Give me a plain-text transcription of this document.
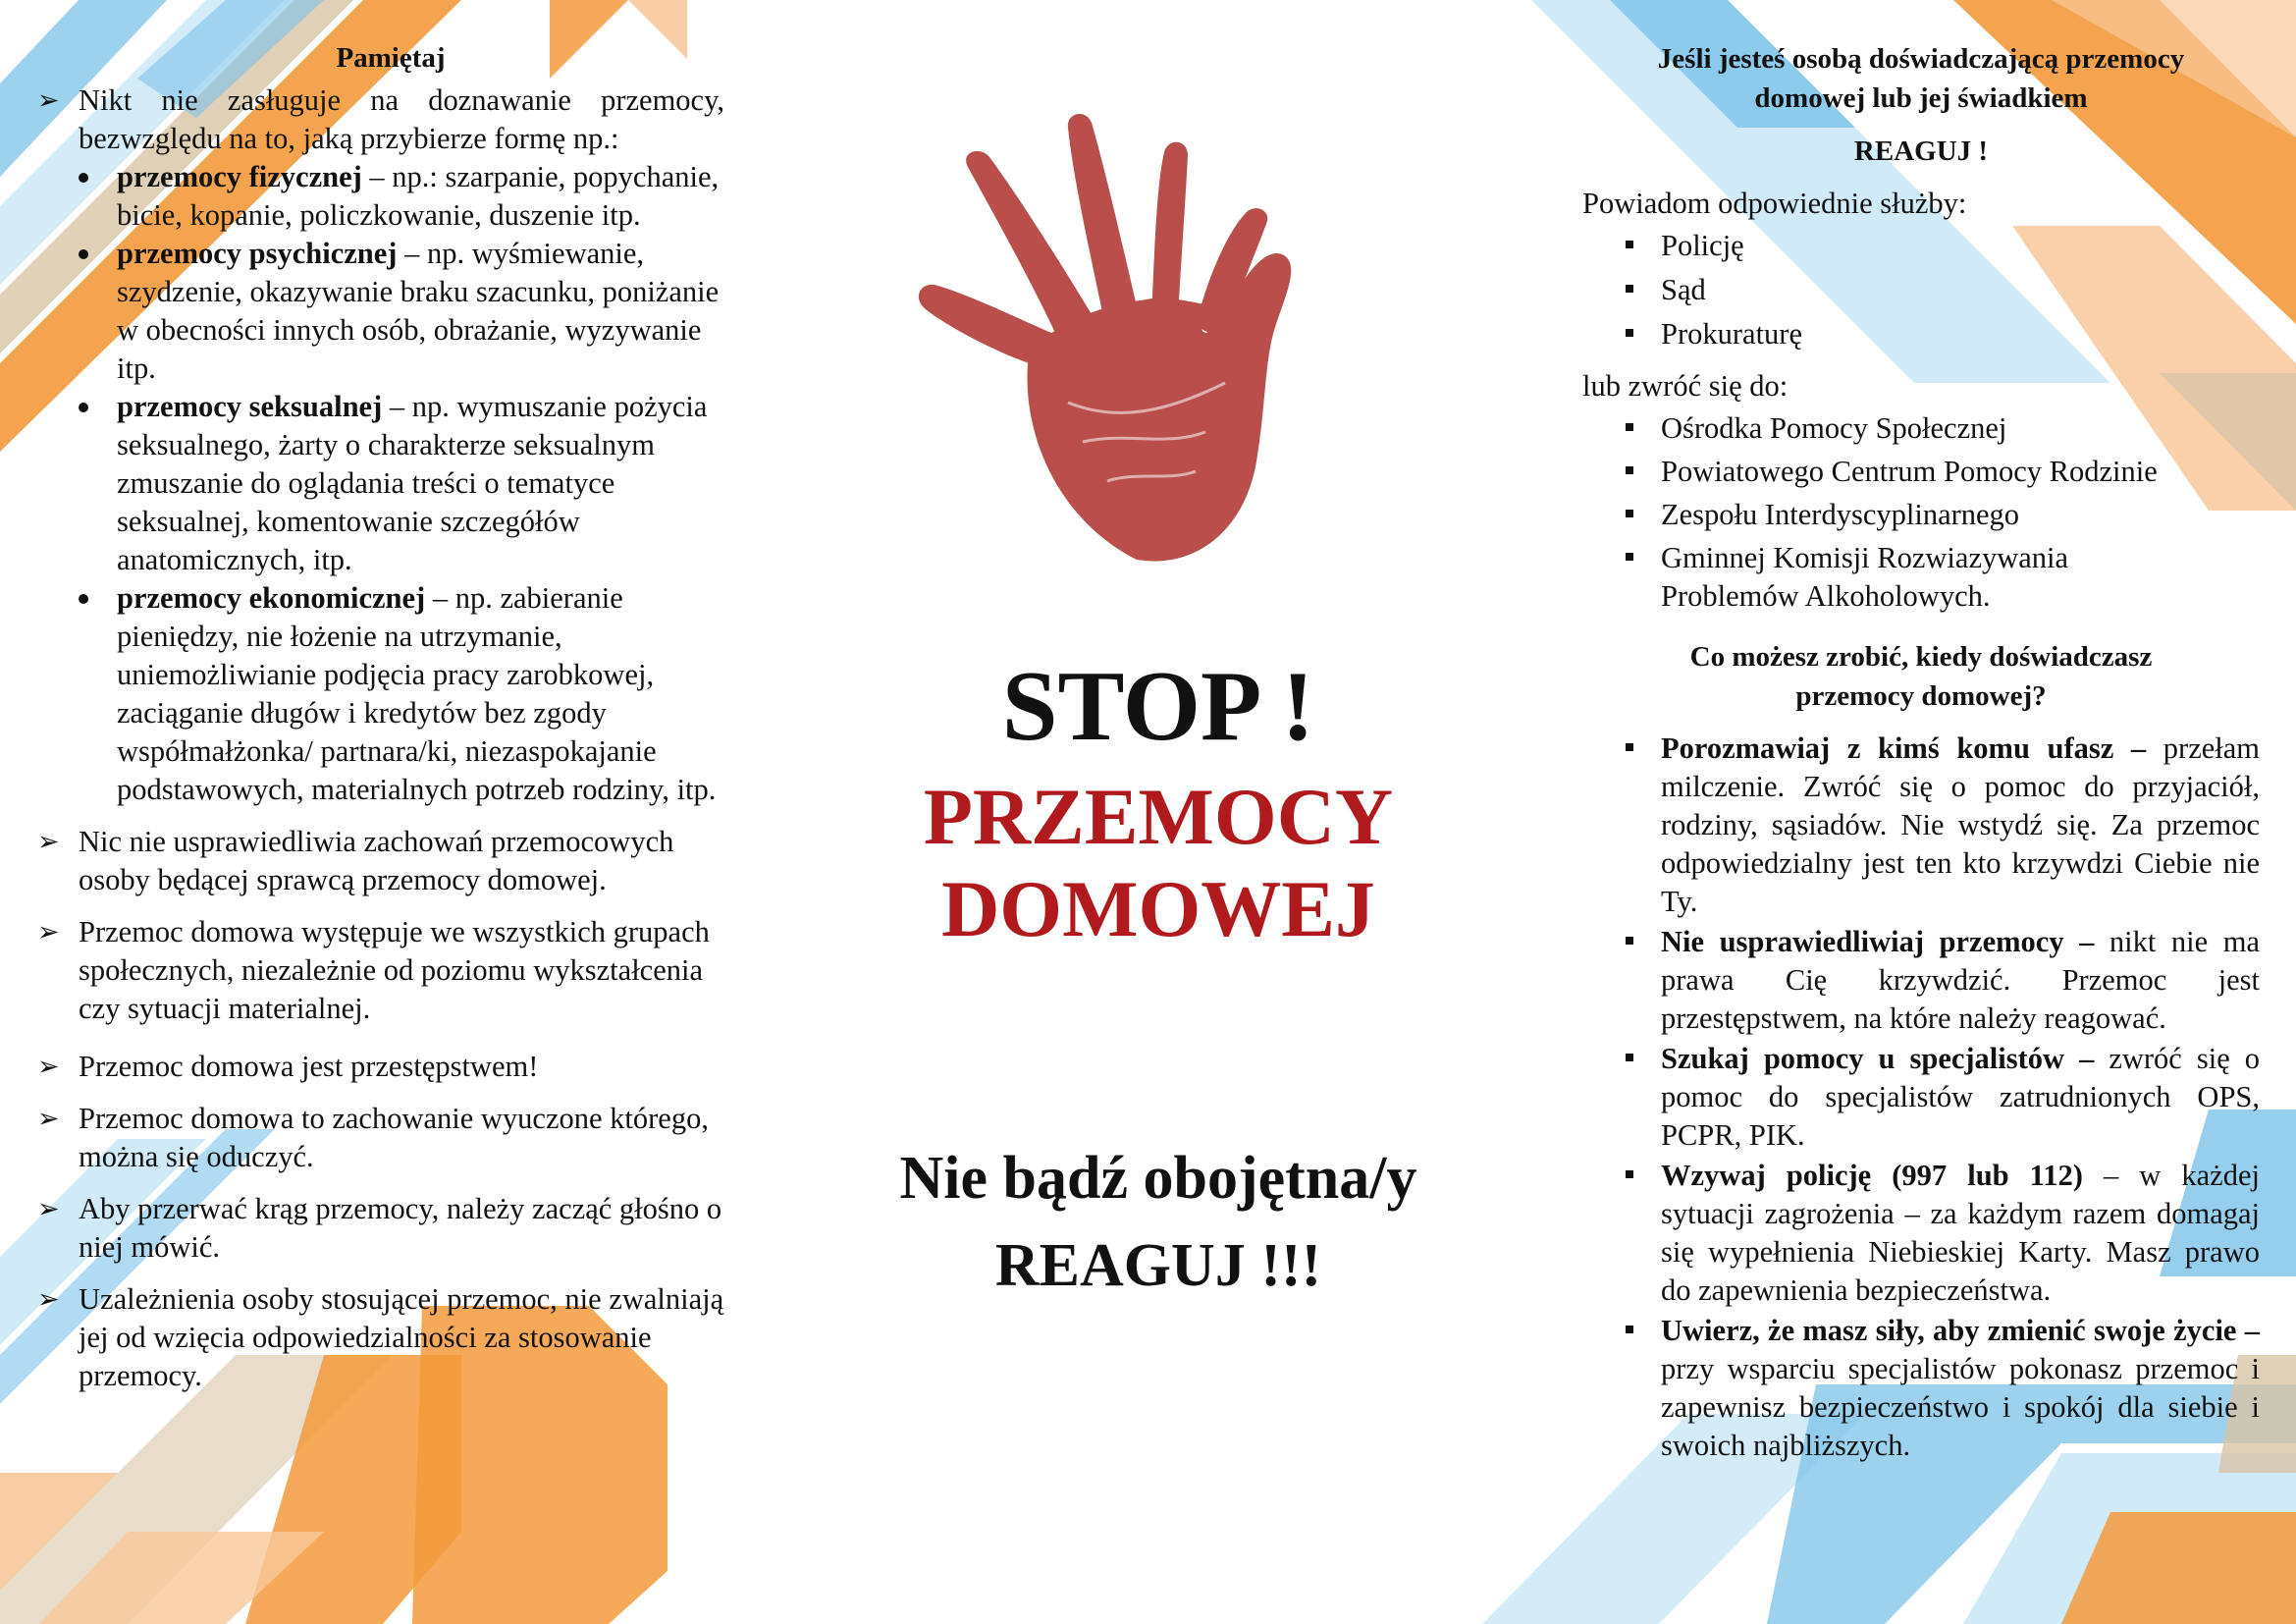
Pamiętaj
➢ Nikt nie zasługuje na doznawanie przemocy, bezwzględu na to, jaką przybierze formę np.:
przemocy fizycznej – np.: szarpanie, popychanie, bicie, kopanie, policzkowanie, duszenie itp.
przemocy psychicznej – np. wyśmiewanie, szydzenie, okazywanie braku szacunku, poniżanie w obecności innych osób, obrażanie, wyzywanie itp.
przemocy seksualnej – np. wymuszanie pożycia seksualnego, żarty o charakterze seksualnym zmuszanie do oglądania treści o tematyce seksualnej, komentowanie szczegółów anatomicznych, itp.
przemocy ekonomicznej – np. zabieranie pieniędzy, nie łożenie na utrzymanie, uniemożliwianie podjęcia pracy zarobkowej, zaciąganie długów i kredytów bez zgody współmałżonka/ partnara/ki, niezaspokajanie podstawowych, materialnych potrzeb rodziny, itp.
➢ Nic nie usprawiedliwia zachowań przemocowych osoby będącej sprawcą przemocy domowej.
➢ Przemoc domowa występuje we wszystkich grupach społecznych, niezależnie od poziomu wykształcenia czy sytuacji materialnej.
➢ Przemoc domowa jest przestępstwem!
➢ Przemoc domowa to zachowanie wyuczone którego, można się oduczyć.
➢ Aby przerwać krąg przemocy, należy zacząć głośno o niej mówić.
➢ Uzależnienia osoby stosującej przemoc, nie zwalniają jej od wzięcia odpowiedzialności za stosowanie przemocy.
STOP !
PRZEMOCY
DOMOWEJ
Nie bądź obojętna/y
REAGUJ !!!
Jeśli jesteś osobą doświadczającą przemocy
domowej lub jej świadkiem
REAGUJ !
Powiadom odpowiednie służby:
Policję
Sąd
Prokuraturę
lub zwróć się do:
Ośrodka Pomocy Społecznej
Powiatowego Centrum Pomocy Rodzinie
Zespołu Interdyscyplinarnego
Gminnej Komisji Rozwiazywania Problemów Alkoholowych.
Co możesz zrobić, kiedy doświadczasz
przemocy domowej?
Porozmawiaj z kimś komu ufasz – przełam milczenie. Zwróć się o pomoc do przyjaciół, rodziny, sąsiadów. Nie wstydź się. Za przemoc odpowiedzialny jest ten kto krzywdzi Ciebie nie Ty.
Nie usprawiedliwiaj przemocy – nikt nie ma prawa Cię krzywdzić. Przemoc jest przestępstwem, na które należy reagować.
Szukaj pomocy u specjalistów – zwróć się o pomoc do specjalistów zatrudnionych OPS, PCPR, PIK.
Wzywaj policję (997 lub 112) – w każdej sytuacji zagrożenia – za każdym razem domagaj się wypełnienia Niebieskiej Karty. Masz prawo do zapewnienia bezpieczeństwa.
Uwierz, że masz siły, aby zmienić swoje życie – przy wsparciu specjalistów pokonasz przemoc i zapewnisz bezpieczeństwo i spokój dla siebie i swoich najbliższych.
